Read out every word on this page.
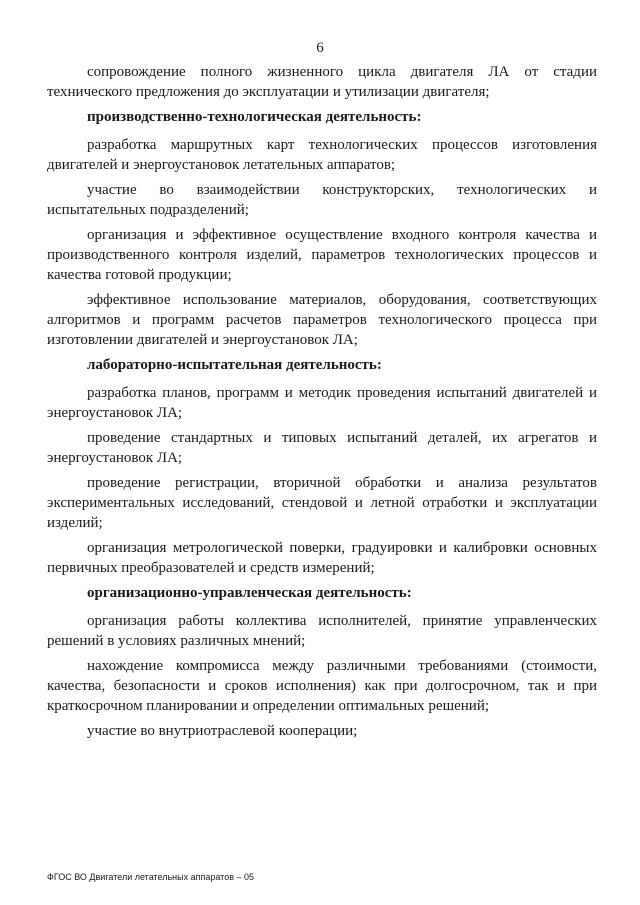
6

сопровождение полного жизненного цикла двигателя ЛА от стадии технического предложения до эксплуатации и утилизации двигателя;

производственно-технологическая деятельность:

разработка маршрутных карт технологических процессов изготовления двигателей и энергоустановок летательных аппаратов;

участие во взаимодействии конструкторских, технологических и испытательных подразделений;

организация и эффективное осуществление входного контроля качества и производственного контроля изделий, параметров технологических процессов и качества готовой продукции;

эффективное использование материалов, оборудования, соответствующих алгоритмов и программ расчетов параметров технологического процесса при изготовлении двигателей и энергоустановок ЛА;

лабораторно-испытательная деятельность:

разработка планов, программ и методик проведения испытаний двигателей и энергоустановок ЛА;

проведение стандартных и типовых испытаний деталей, их агрегатов и энергоустановок ЛА;

проведение регистрации, вторичной обработки и анализа результатов экспериментальных исследований, стендовой и летной отработки и эксплуатации изделий;

организация метрологической поверки, градуировки и калибровки основных первичных преобразователей и средств измерений;

организационно-управленческая деятельность:

организация работы коллектива исполнителей, принятие управленческих решений в условиях различных мнений;

нахождение компромисса между различными требованиями (стоимости, качества, безопасности и сроков исполнения) как при долгосрочном, так и при краткосрочном планировании и определении оптимальных решений;

участие во внутриотраслевой кооперации;

ФГОС ВО Двигатели летательных аппаратов – 05
